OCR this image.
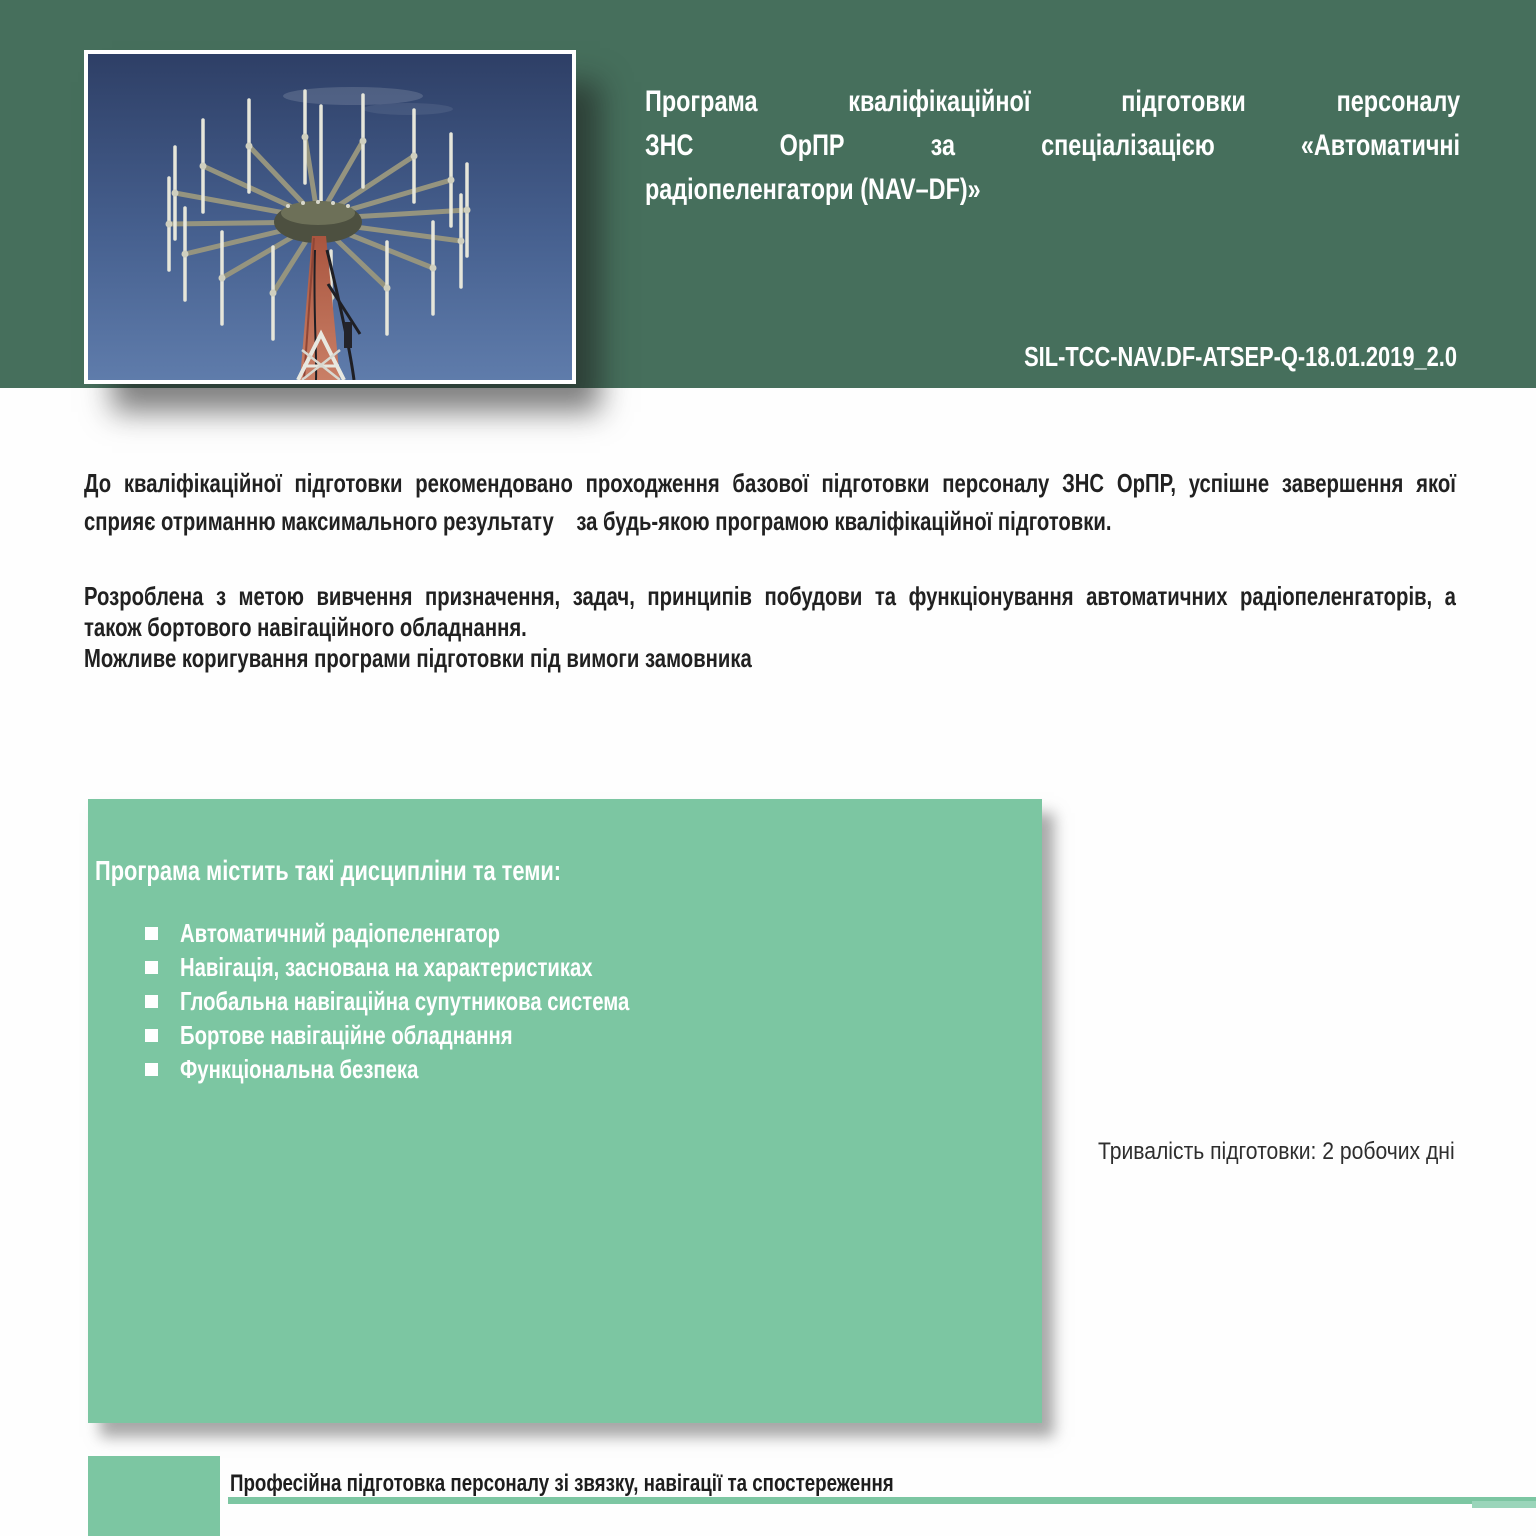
Програма	кваліфікаційної	підготовки	персоналу
ЗНС	ОрПР	за	спеціалізацією	«Автоматичні
радіопеленгатори (NAV–DF)»
SIL-TCC-NAV.DF-ATSEP-Q-18.01.2019_2.0
До кваліфікаційної підготовки рекомендовано проходження базової підготовки персоналу ЗНС ОрПР, успішне завершення якої
сприяє отриманню максимального результату    за будь-якою програмою кваліфікаційної підготовки.
Розроблена з метою вивчення призначення, задач, принципів побудови та функціонування автоматичних радіопеленгаторів, а
також бортового навігаційного обладнання.
Можливе коригування програми підготовки під вимоги замовника
Програма містить такі дисципліни та теми:
Автоматичний радіопеленгатор
Навігація, заснована на характеристиках
Глобальна навігаційна супутникова система
Бортове навігаційне обладнання
Функціональна безпека
Тривалість підготовки: 2 робочих дні
Професійна підготовка персоналу зі звязку, навігації та спостереження
